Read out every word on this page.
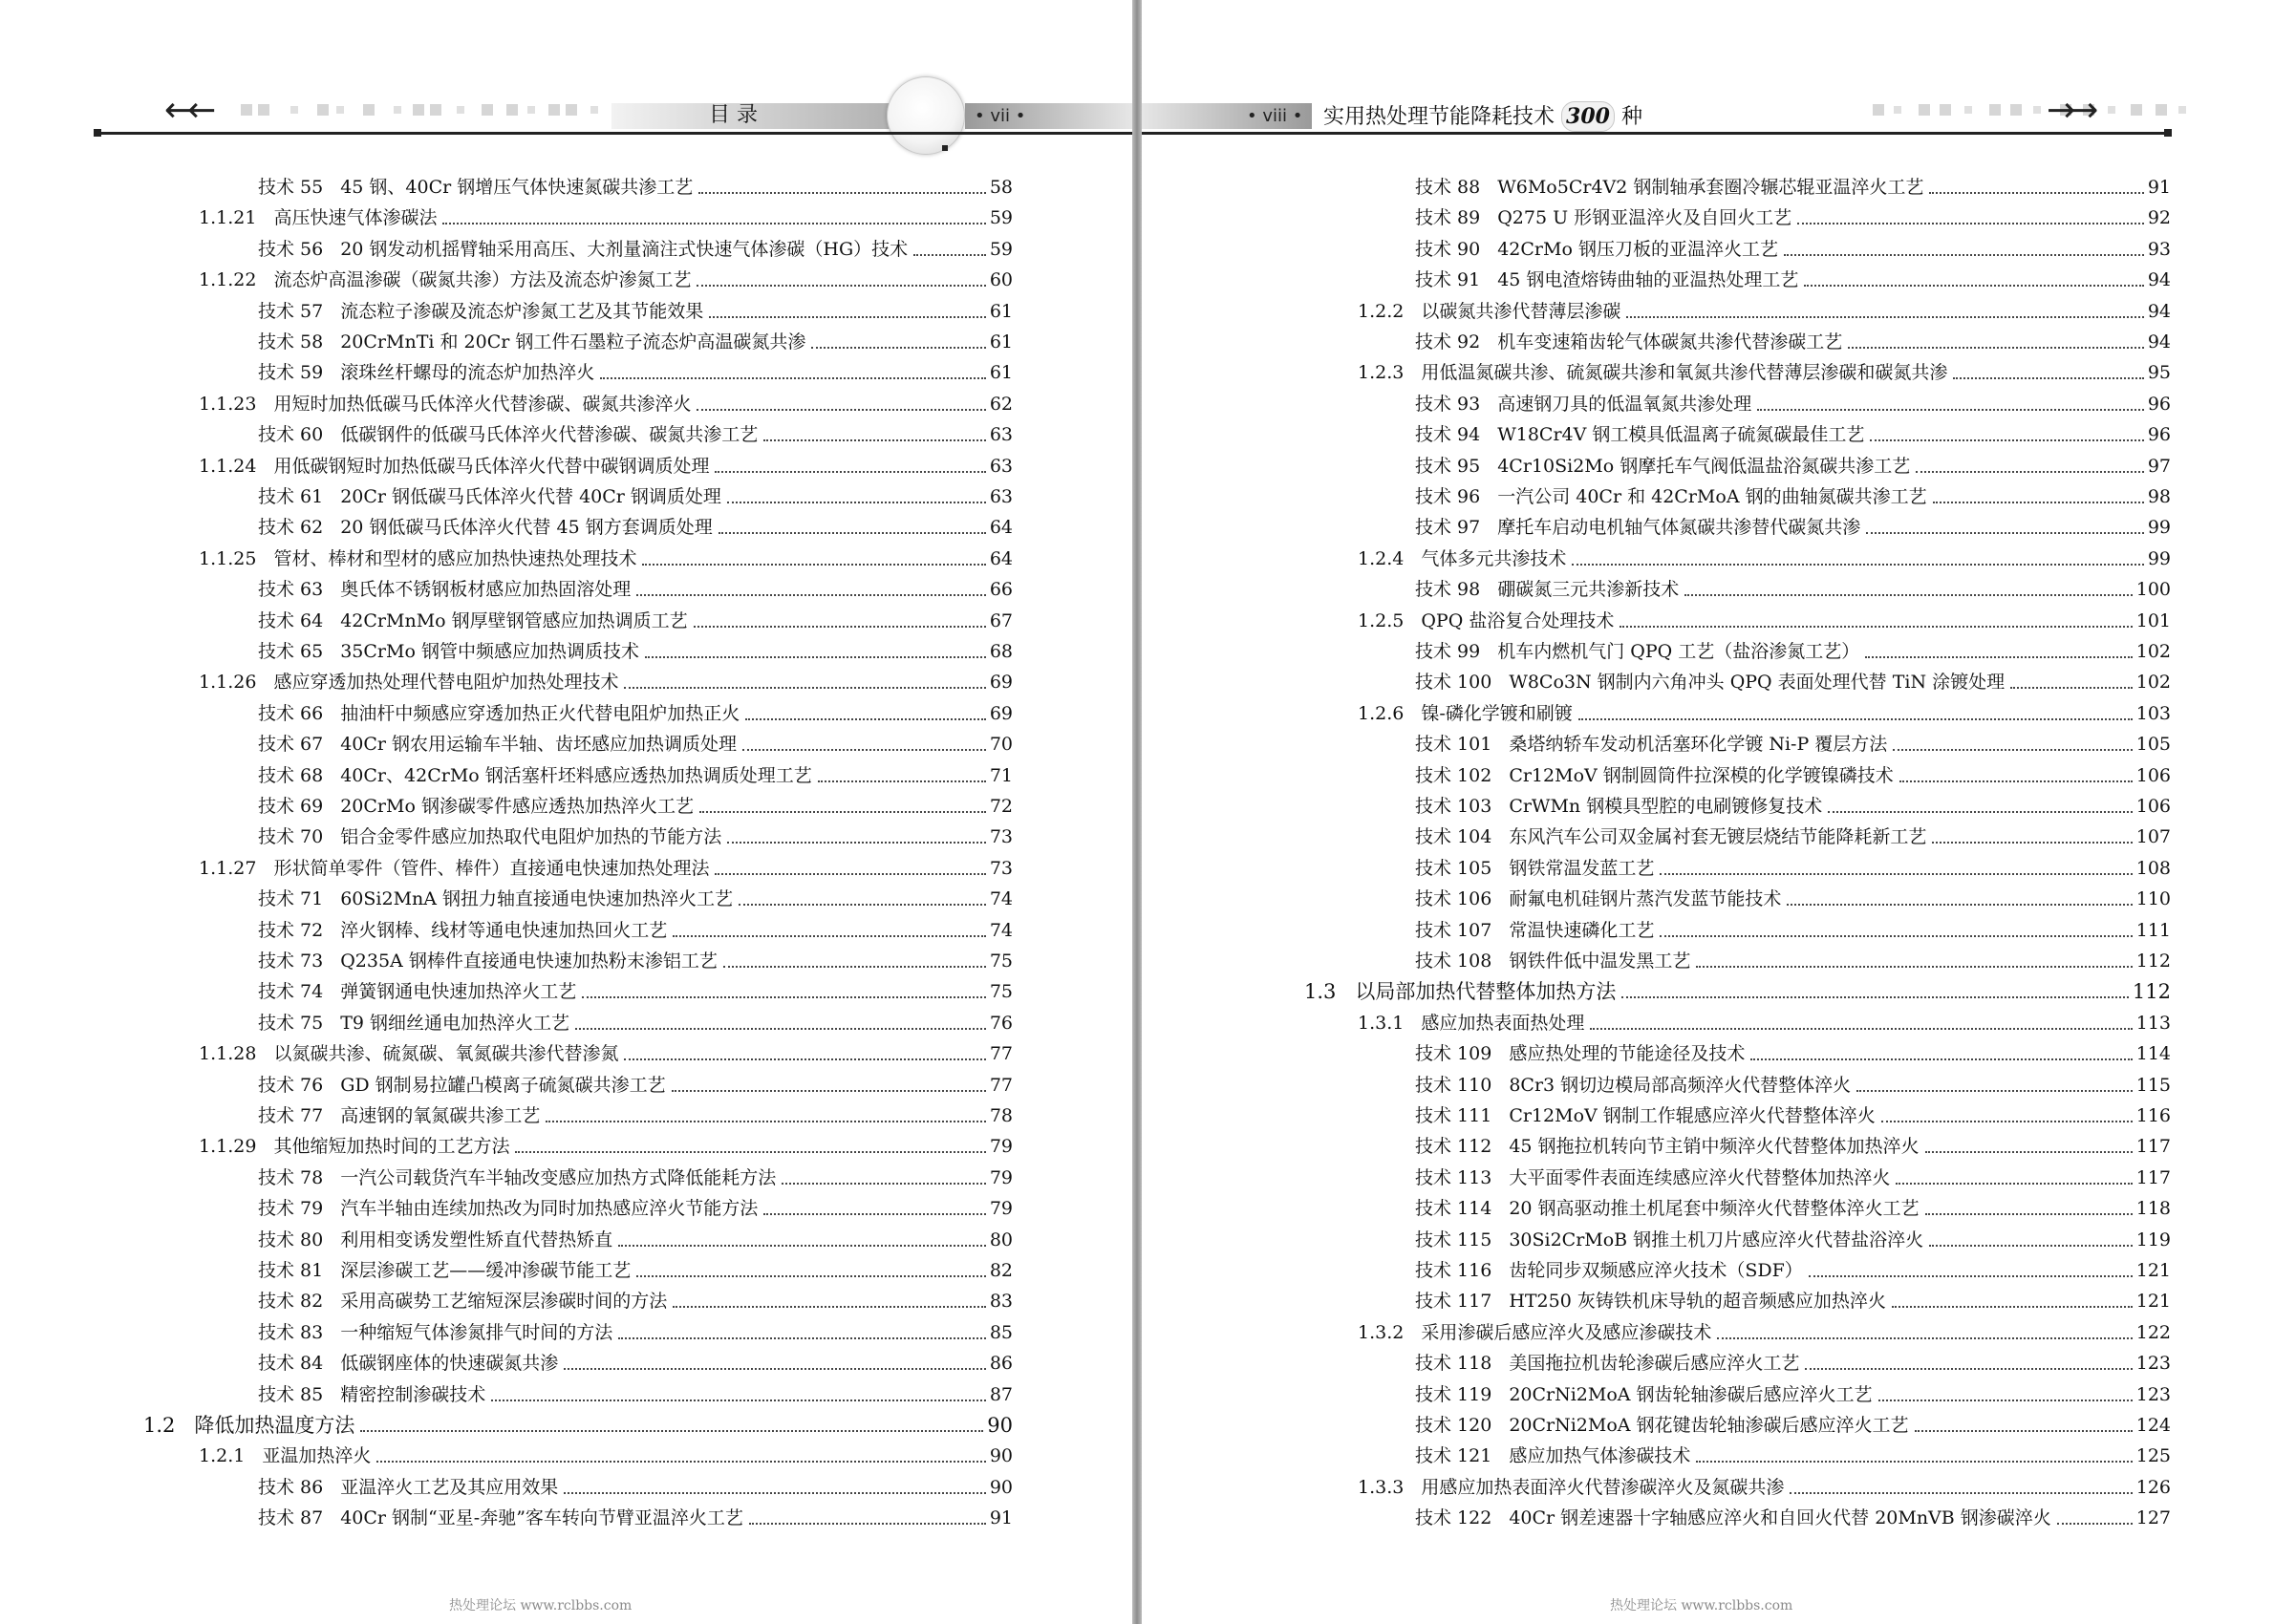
←←	目 录	• vii •
技术 55 45 钢、40Cr 钢增压气体快速氮碳共渗工艺	58
1.1.21 高压快速气体渗碳法	59
技术 56 20 钢发动机摇臂轴采用高压、大剂量滴注式快速气体渗碳（HG）技术	59
1.1.22 流态炉高温渗碳（碳氮共渗）方法及流态炉渗氮工艺	60
技术 57 流态粒子渗碳及流态炉渗氮工艺及其节能效果	61
技术 58 20CrMnTi 和 20Cr 钢工件石墨粒子流态炉高温碳氮共渗	61
技术 59 滚珠丝杆螺母的流态炉加热淬火	61
1.1.23 用短时加热低碳马氏体淬火代替渗碳、碳氮共渗淬火	62
技术 60 低碳钢件的低碳马氏体淬火代替渗碳、碳氮共渗工艺	63
1.1.24 用低碳钢短时加热低碳马氏体淬火代替中碳钢调质处理	63
技术 61 20Cr 钢低碳马氏体淬火代替 40Cr 钢调质处理	63
技术 62 20 钢低碳马氏体淬火代替 45 钢方套调质处理	64
1.1.25 管材、棒材和型材的感应加热快速热处理技术	64
技术 63 奥氏体不锈钢板材感应加热固溶处理	66
技术 64 42CrMnMo 钢厚壁钢管感应加热调质工艺	67
技术 65 35CrMo 钢管中频感应加热调质技术	68
1.1.26 感应穿透加热处理代替电阻炉加热处理技术	69
技术 66 抽油杆中频感应穿透加热正火代替电阻炉加热正火	69
技术 67 40Cr 钢农用运输车半轴、齿坯感应加热调质处理	70
技术 68 40Cr、42CrMo 钢活塞杆坯料感应透热加热调质处理工艺	71
技术 69 20CrMo 钢渗碳零件感应透热加热淬火工艺	72
技术 70 铝合金零件感应加热取代电阻炉加热的节能方法	73
1.1.27 形状简单零件（管件、棒件）直接通电快速加热处理法	73
技术 71 60Si2MnA 钢扭力轴直接通电快速加热淬火工艺	74
技术 72 淬火钢棒、线材等通电快速加热回火工艺	74
技术 73 Q235A 钢棒件直接通电快速加热粉末渗铝工艺	75
技术 74 弹簧钢通电快速加热淬火工艺	75
技术 75 T9 钢细丝通电加热淬火工艺	76
1.1.28 以氮碳共渗、硫氮碳、氧氮碳共渗代替渗氮	77
技术 76 GD 钢制易拉罐凸模离子硫氮碳共渗工艺	77
技术 77 高速钢的氧氮碳共渗工艺	78
1.1.29 其他缩短加热时间的工艺方法	79
技术 78 一汽公司载货汽车半轴改变感应加热方式降低能耗方法	79
技术 79 汽车半轴由连续加热改为同时加热感应淬火节能方法	79
技术 80 利用相变诱发塑性矫直代替热矫直	80
技术 81 深层渗碳工艺——缓冲渗碳节能工艺	82
技术 82 采用高碳势工艺缩短深层渗碳时间的方法	83
技术 83 一种缩短气体渗氮排气时间的方法	85
技术 84 低碳钢座体的快速碳氮共渗	86
技术 85 精密控制渗碳技术	87
1.2 降低加热温度方法	90
1.2.1 亚温加热淬火	90
技术 86 亚温淬火工艺及其应用效果	90
技术 87 40Cr 钢制“亚星-奔驰”客车转向节臂亚温淬火工艺	91
热处理论坛 www.rclbbs.com
• viii • 实用热处理节能降耗技术 300 种	→→
技术 88 W6Mo5Cr4V2 钢制轴承套圈冷辗芯辊亚温淬火工艺	91
技术 89 Q275 U 形钢亚温淬火及自回火工艺	92
技术 90 42CrMo 钢压刀板的亚温淬火工艺	93
技术 91 45 钢电渣熔铸曲轴的亚温热处理工艺	94
1.2.2 以碳氮共渗代替薄层渗碳	94
技术 92 机车变速箱齿轮气体碳氮共渗代替渗碳工艺	94
1.2.3 用低温氮碳共渗、硫氮碳共渗和氧氮共渗代替薄层渗碳和碳氮共渗	95
技术 93 高速钢刀具的低温氧氮共渗处理	96
技术 94 W18Cr4V 钢工模具低温离子硫氮碳最佳工艺	96
技术 95 4Cr10Si2Mo 钢摩托车气阀低温盐浴氮碳共渗工艺	97
技术 96 一汽公司 40Cr 和 42CrMoA 钢的曲轴氮碳共渗工艺	98
技术 97 摩托车启动电机轴气体氮碳共渗替代碳氮共渗	99
1.2.4 气体多元共渗技术	99
技术 98 硼碳氮三元共渗新技术	100
1.2.5 QPQ 盐浴复合处理技术	101
技术 99 机车内燃机气门 QPQ 工艺（盐浴渗氮工艺）	102
技术 100 W8Co3N 钢制内六角冲头 QPQ 表面处理代替 TiN 涂镀处理	102
1.2.6 镍-磷化学镀和刷镀	103
技术 101 桑塔纳轿车发动机活塞环化学镀 Ni-P 覆层方法	105
技术 102 Cr12MoV 钢制圆筒件拉深模的化学镀镍磷技术	106
技术 103 CrWMn 钢模具型腔的电刷镀修复技术	106
技术 104 东风汽车公司双金属衬套无镀层烧结节能降耗新工艺	107
技术 105 钢铁常温发蓝工艺	108
技术 106 耐氟电机硅钢片蒸汽发蓝节能技术	110
技术 107 常温快速磷化工艺	111
技术 108 钢铁件低中温发黑工艺	112
1.3 以局部加热代替整体加热方法	112
1.3.1 感应加热表面热处理	113
技术 109 感应热处理的节能途径及技术	114
技术 110 8Cr3 钢切边模局部高频淬火代替整体淬火	115
技术 111 Cr12MoV 钢制工作辊感应淬火代替整体淬火	116
技术 112 45 钢拖拉机转向节主销中频淬火代替整体加热淬火	117
技术 113 大平面零件表面连续感应淬火代替整体加热淬火	117
技术 114 20 钢高驱动推土机尾套中频淬火代替整体淬火工艺	118
技术 115 30Si2CrMoB 钢推土机刀片感应淬火代替盐浴淬火	119
技术 116 齿轮同步双频感应淬火技术（SDF）	121
技术 117 HT250 灰铸铁机床导轨的超音频感应加热淬火	121
1.3.2 采用渗碳后感应淬火及感应渗碳技术	122
技术 118 美国拖拉机齿轮渗碳后感应淬火工艺	123
技术 119 20CrNi2MoA 钢齿轮轴渗碳后感应淬火工艺	123
技术 120 20CrNi2MoA 钢花键齿轮轴渗碳后感应淬火工艺	124
技术 121 感应加热气体渗碳技术	125
1.3.3 用感应加热表面淬火代替渗碳淬火及氮碳共渗	126
技术 122 40Cr 钢差速器十字轴感应淬火和自回火代替 20MnVB 钢渗碳淬火	127
热处理论坛 www.rclbbs.com
